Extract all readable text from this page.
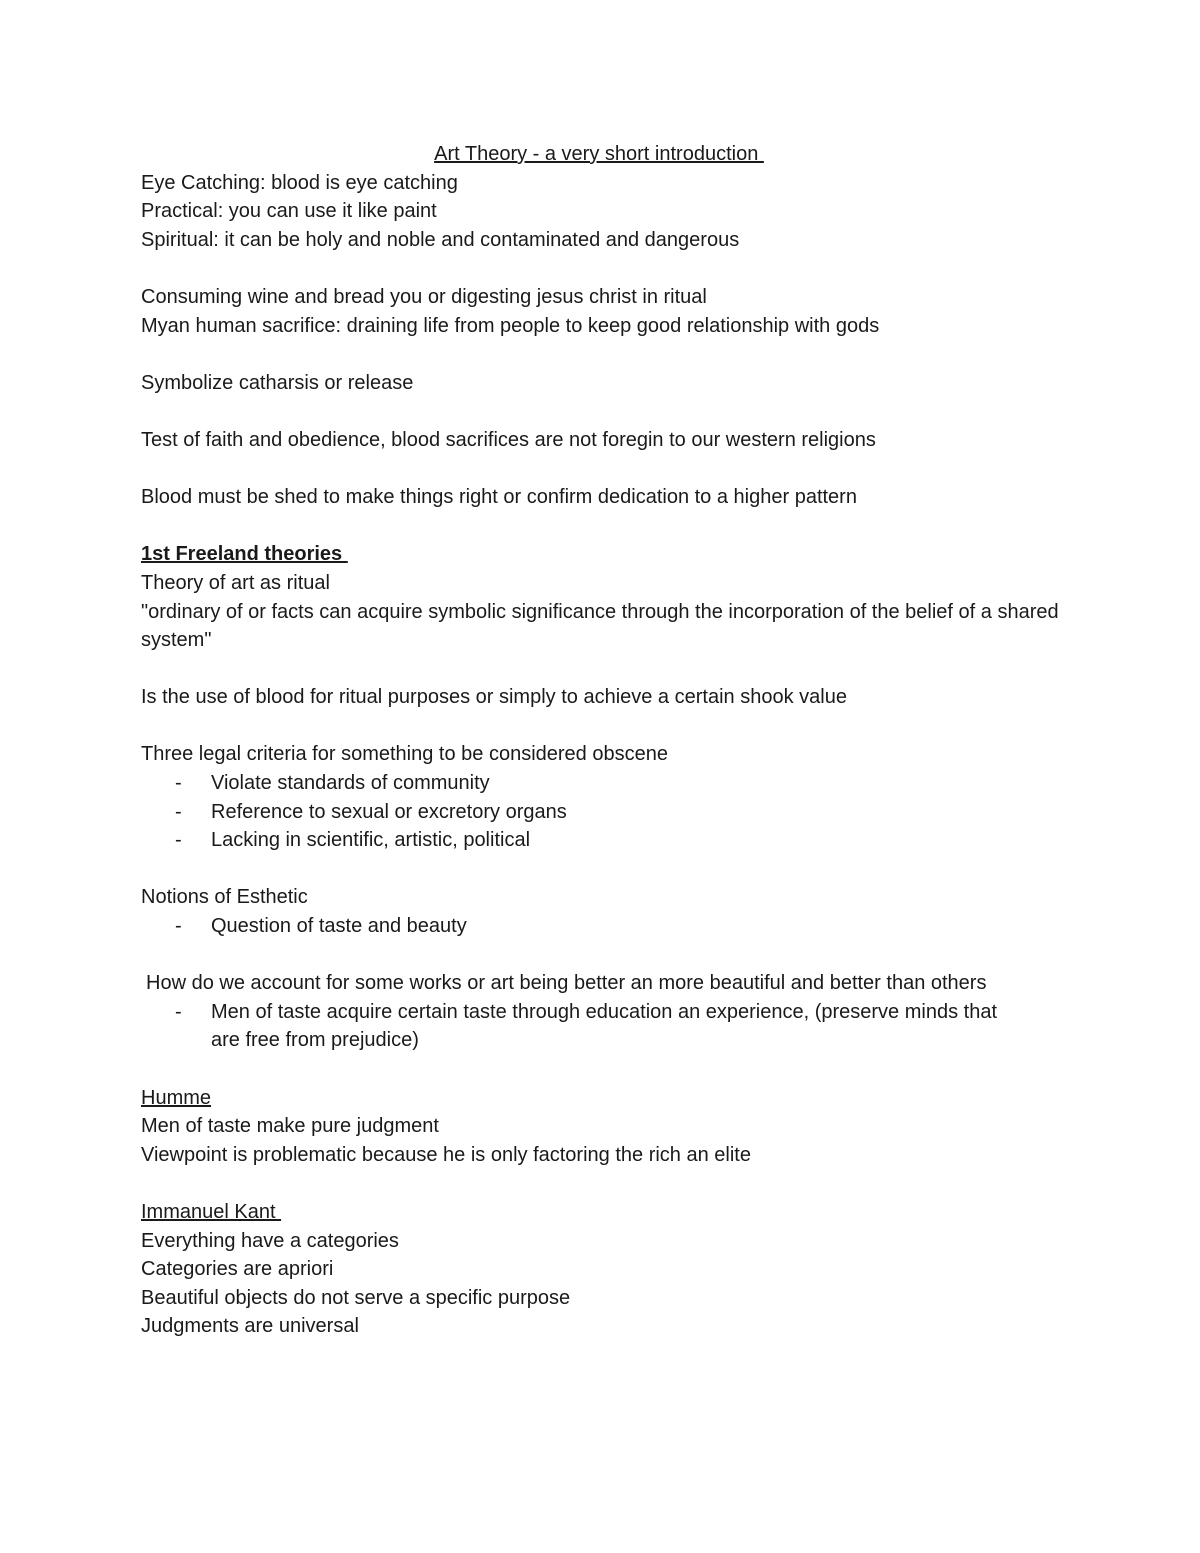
Art Theory - a very short introduction

Eye Catching: blood is eye catching

Practical: you can use it like paint

Spiritual: it can be holy and noble and contaminated and dangerous

Consuming wine and bread you or digesting jesus christ in ritual

Myan human sacrifice: draining life from people to keep good relationship with gods

Symbolize catharsis or release

Test of faith and obedience, blood sacrifices are not foregin to our western religions

Blood must be shed to make things right or confirm dedication to a higher pattern

1st Freeland theories

Theory of art as ritual

"ordinary of or facts can acquire symbolic significance through the incorporation of the belief of a shared system"

Is the use of blood for ritual purposes or simply to achieve a certain shook value

Three legal criteria for something to be considered obscene

- Violate standards of community
- Reference to sexual or excretory organs
- Lacking in scientific, artistic, political

Notions of Esthetic

- Question of taste and beauty

How do we account for some works or art being better an more beautiful and better than others

- Men of taste acquire certain taste through education an experience, (preserve minds that are free from prejudice)

Humme

Men of taste make pure judgment

Viewpoint is problematic because he is only factoring the rich an elite

Immanuel Kant

Everything have a categories

Categories are apriori

Beautiful objects do not serve a specific purpose

Judgments are universal
